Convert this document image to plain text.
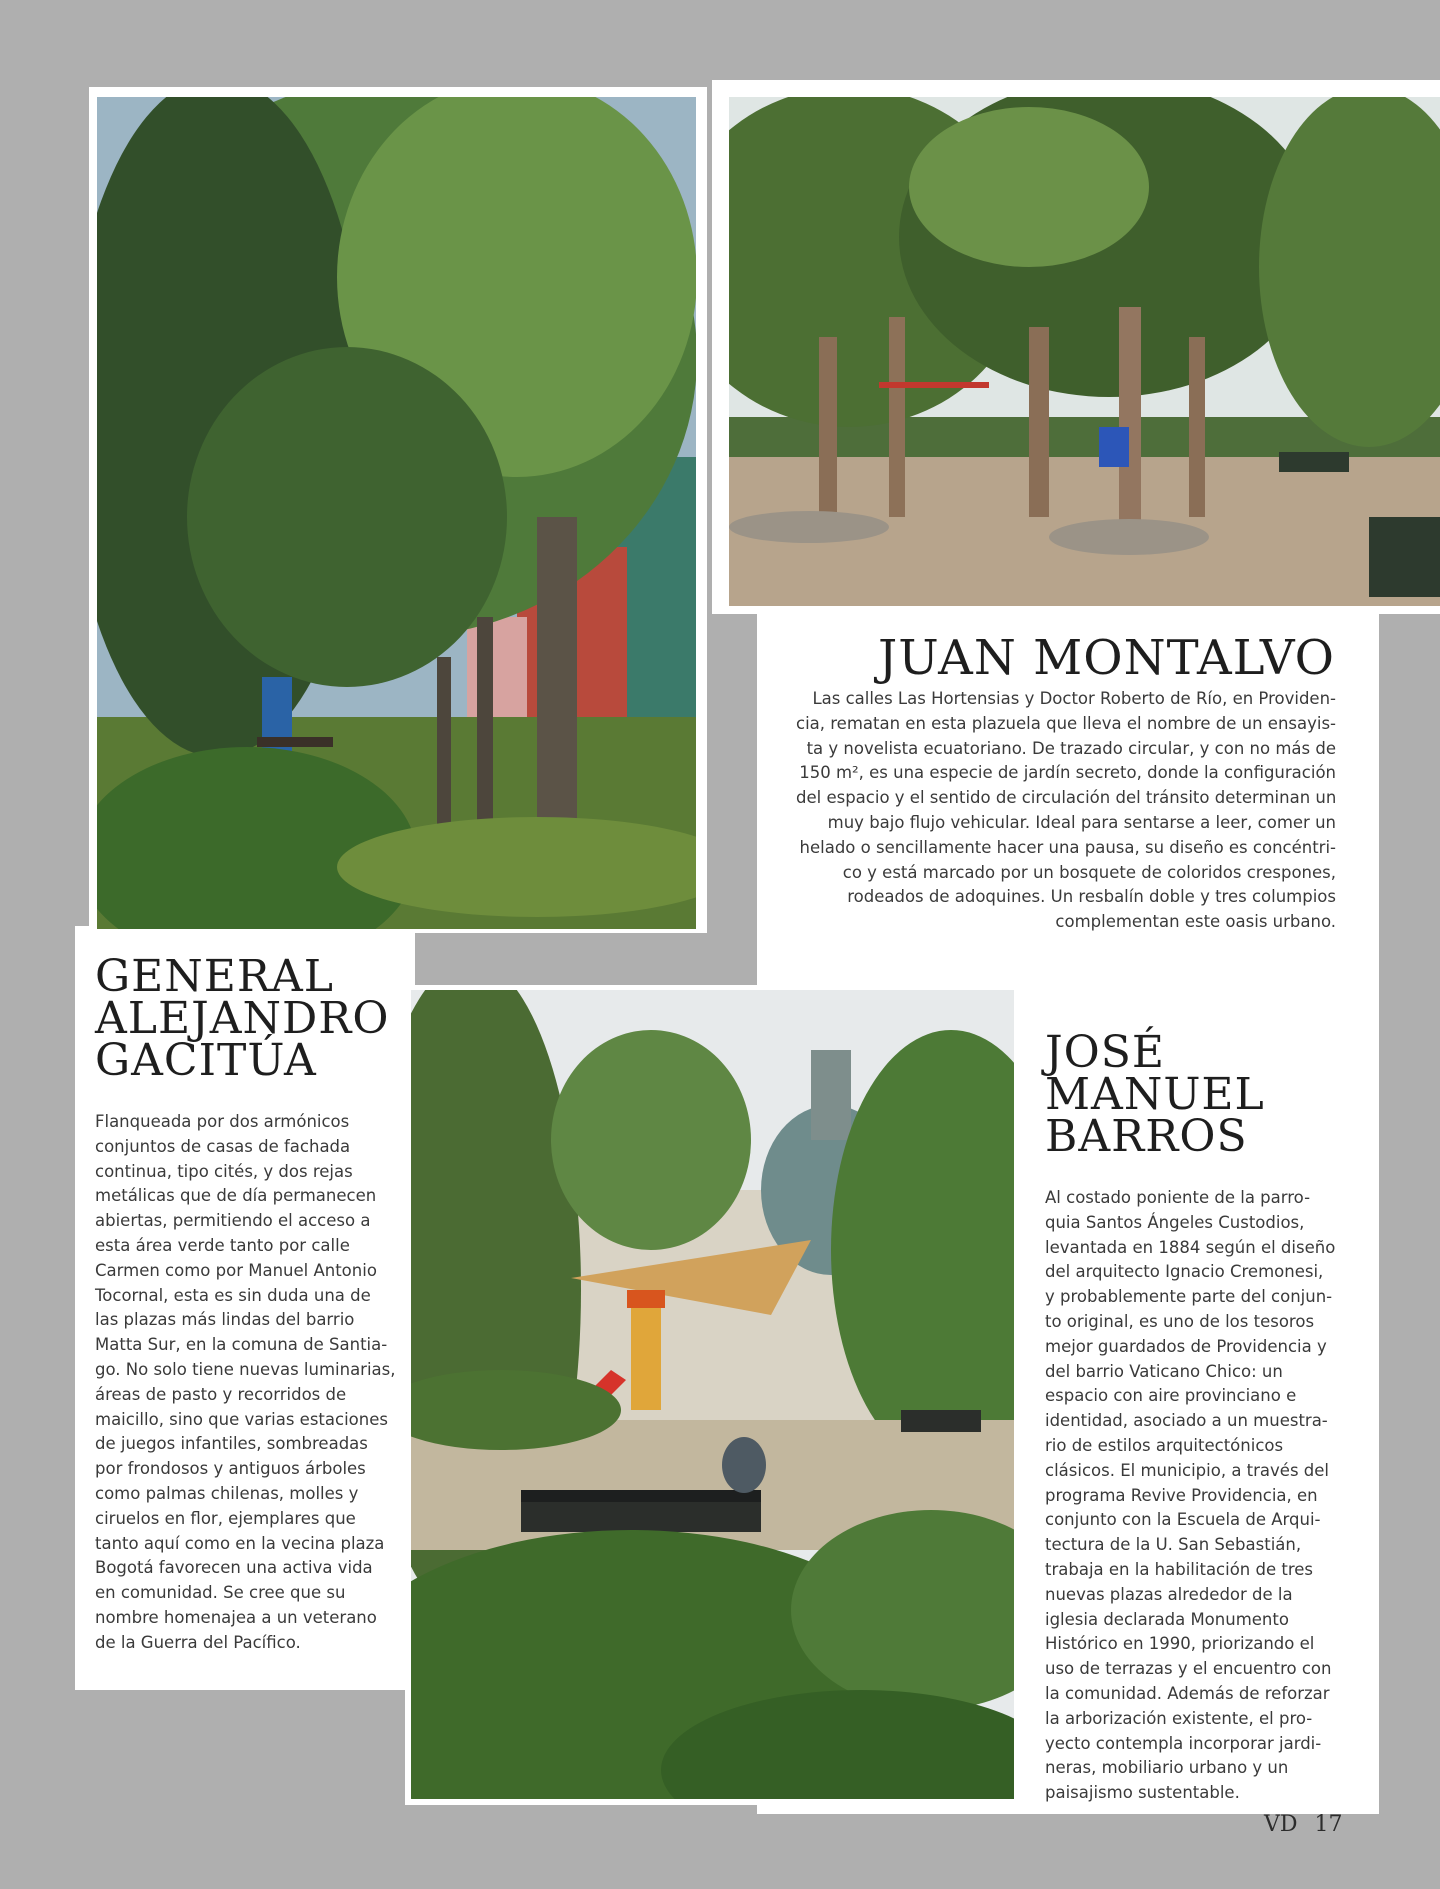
JUAN MONTALVO

Las calles Las Hortensias y Doctor Roberto de Río, en Providen-
cia, rematan en esta plazuela que lleva el nombre de un ensayis-
ta y novelista ecuatoriano. De trazado circular, y con no más de
150 m², es una especie de jardín secreto, donde la configuración
del espacio y el sentido de circulación del tránsito determinan un
muy bajo flujo vehicular. Ideal para sentarse a leer, comer un
helado o sencillamente hacer una pausa, su diseño es concéntri-
co y está marcado por un bosquete de coloridos crespones,
rodeados de adoquines. Un resbalín doble y tres columpios
complementan este oasis urbano.

GENERAL
ALEJANDRO
GACITÚA

Flanqueada por dos armónicos
conjuntos de casas de fachada
continua, tipo cités, y dos rejas
metálicas que de día permanecen
abiertas, permitiendo el acceso a
esta área verde tanto por calle
Carmen como por Manuel Antonio
Tocornal, esta es sin duda una de
las plazas más lindas del barrio
Matta Sur, en la comuna de Santia-
go. No solo tiene nuevas luminarias,
áreas de pasto y recorridos de
maicillo, sino que varias estaciones
de juegos infantiles, sombreadas
por frondosos y antiguos árboles
como palmas chilenas, molles y
ciruelos en flor, ejemplares que
tanto aquí como en la vecina plaza
Bogotá favorecen una activa vida
en comunidad. Se cree que su
nombre homenajea a un veterano
de la Guerra del Pacífico.

JOSÉ
MANUEL
BARROS

Al costado poniente de la parro-
quia Santos Ángeles Custodios,
levantada en 1884 según el diseño
del arquitecto Ignacio Cremonesi,
y probablemente parte del conjun-
to original, es uno de los tesoros
mejor guardados de Providencia y
del barrio Vaticano Chico: un
espacio con aire provinciano e
identidad, asociado a un muestra-
rio de estilos arquitectónicos
clásicos. El municipio, a través del
programa Revive Providencia, en
conjunto con la Escuela de Arqui-
tectura de la U. San Sebastián,
trabaja en la habilitación de tres
nuevas plazas alrededor de la
iglesia declarada Monumento
Histórico en 1990, priorizando el
uso de terrazas y el encuentro con
la comunidad. Además de reforzar
la arborización existente, el pro-
yecto contempla incorporar jardi-
neras, mobiliario urbano y un
paisajismo sustentable.

VD 17
